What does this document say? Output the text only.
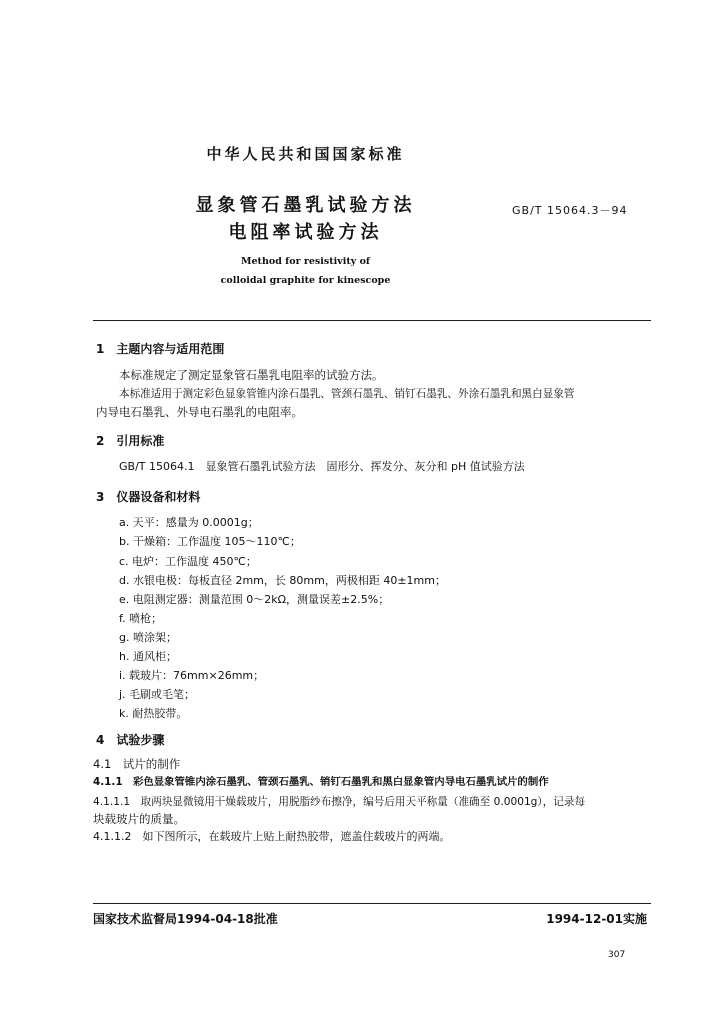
中华人民共和国国家标准
显象管石墨乳试验方法
电阻率试验方法
GB/T 15064.3－94
Method for resistivity of
colloidal graphite for kinescope
1　主题内容与适用范围
本标准规定了测定显象管石墨乳电阻率的试验方法。
本标准适用于测定彩色显象管锥内涂石墨乳、管颈石墨乳、销钉石墨乳、外涂石墨乳和黑白显象管
内导电石墨乳、外导电石墨乳的电阻率。
2　引用标准
GB/T 15064.1　显象管石墨乳试验方法　固形分、挥发分、灰分和 pH 值试验方法
3　仪器设备和材料
a. 天平：感量为 0.0001g；
b. 干燥箱：工作温度 105～110℃；
c. 电炉：工作温度 450℃；
d. 水银电极：每板直径 2mm，长 80mm，两极相距 40±1mm；
e. 电阻测定器：测量范围 0～2kΩ，测量误差±2.5%；
f. 喷枪；
g. 喷涂架；
h. 通风柜；
i. 载玻片：76mm×26mm；
j. 毛刷或毛笔；
k. 耐热胶带。
4　试验步骤
4.1　试片的制作
4.1.1　彩色显象管锥内涂石墨乳、管颈石墨乳、销钉石墨乳和黑白显象管内导电石墨乳试片的制作
4.1.1.1　取两块显微镜用干燥载玻片，用脱脂纱布擦净，编号后用天平称量（准确至 0.0001g），记录每
块载玻片的质量。
4.1.1.2　如下图所示，在载玻片上贴上耐热胶带，遮盖住载玻片的两端。
国家技术监督局1994-04-18批准	1994-12-01实施
307
